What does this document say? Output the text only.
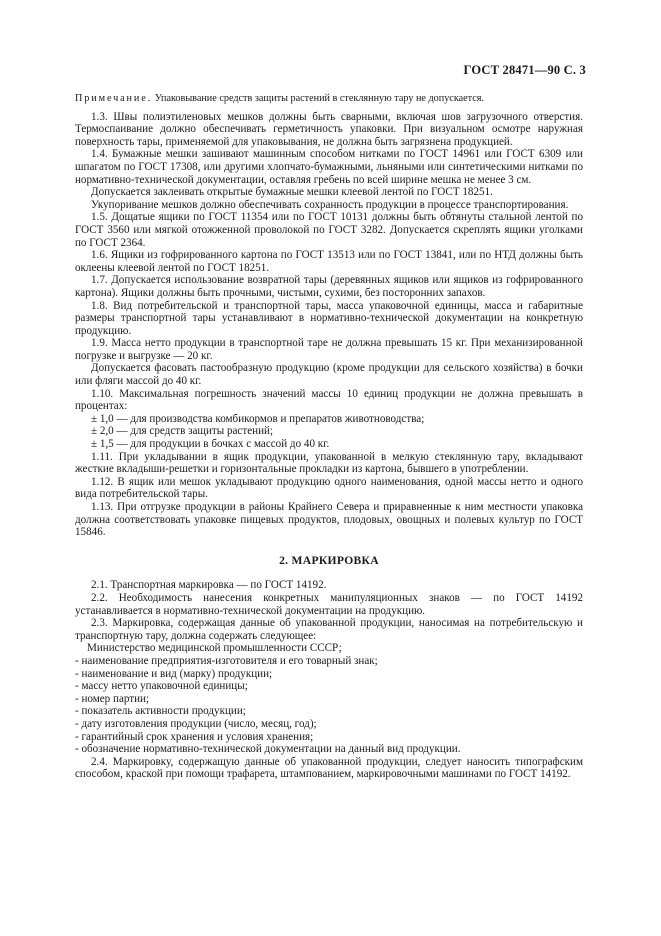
ГОСТ 28471—90 С. 3

Примечание. Упаковывание средств защиты растений в стеклянную тару не допускается.

1.3. Швы полиэтиленовых мешков должны быть сварными, включая шов загрузочного отверстия. Термоспаивание должно обеспечивать герметичность упаковки. При визуальном осмотре наружная поверхность тары, применяемой для упаковывания, не должна быть загрязнена продукцией.

1.4. Бумажные мешки зашивают машинным способом нитками по ГОСТ 14961 или ГОСТ 6309 или шпагатом по ГОСТ 17308, или другими хлопчато-бумажными, льняными или синтетическими нитками по нормативно-технической документации, оставляя гребень по всей ширине мешка не менее 3 см.

Допускается заклеивать открытые бумажные мешки клеевой лентой по ГОСТ 18251.

Укупоривание мешков должно обеспечивать сохранность продукции в процессе транспортирования.

1.5. Дощатые ящики по ГОСТ 11354 или по ГОСТ 10131 должны быть обтянуты стальной лентой по ГОСТ 3560 или мягкой отожженной проволокой по ГОСТ 3282. Допускается скреплять ящики уголками по ГОСТ 2364.

1.6. Ящики из гофрированного картона по ГОСТ 13513 или по ГОСТ 13841, или по НТД должны быть оклеены клеевой лентой по ГОСТ 18251.

1.7. Допускается использование возвратной тары (деревянных ящиков или ящиков из гофрированного картона). Ящики должны быть прочными, чистыми, сухими, без посторонних запахов.

1.8. Вид потребительской и транспортной тары, масса упаковочной единицы, масса и габаритные размеры транспортной тары устанавливают в нормативно-технической документации на конкретную продукцию.

1.9. Масса нетто продукции в транспортной таре не должна превышать 15 кг. При механизированной погрузке и выгрузке — 20 кг.

Допускается фасовать пастообразную продукцию (кроме продукции для сельского хозяйства) в бочки или фляги массой до 40 кг.

1.10. Максимальная погрешность значений массы 10 единиц продукции не должна превышать в процентах:

± 1,0 — для производства комбикормов и препаратов животноводства;

± 2,0 — для средств защиты растений;

± 1,5 — для продукции в бочках с массой до 40 кг.

1.11. При укладывании в ящик продукции, упакованной в мелкую стеклянную тару, вкладывают жесткие вкладыши-решетки и горизонтальные прокладки из картона, бывшего в употреблении.

1.12. В ящик или мешок укладывают продукцию одного наименования, одной массы нетто и одного вида потребительской тары.

1.13. При отгрузке продукции в районы Крайнего Севера и приравненные к ним местности упаковка должна соответствовать упаковке пищевых продуктов, плодовых, овощных и полевых культур по ГОСТ 15846.

2. МАРКИРОВКА

2.1. Транспортная маркировка — по ГОСТ 14192.

2.2. Необходимость нанесения конкретных манипуляционных знаков — по ГОСТ 14192 устанавливается в нормативно-технической документации на продукцию.

2.3. Маркировка, содержащая данные об упакованной продукции, наносимая на потребительскую и транспортную тару, должна содержать следующее:

Министерство медицинской промышленности СССР;

- наименование предприятия-изготовителя и его товарный знак;

- наименование и вид (марку) продукции;

- массу нетто упаковочной единицы;

- номер партии;

- показатель активности продукции;

- дату изготовления продукции (число, месяц, год);

- гарантийный срок хранения и условия хранения;

- обозначение нормативно-технической документации на данный вид продукции.

2.4. Маркировку, содержащую данные об упакованной продукции, следует наносить типографским способом, краской при помощи трафарета, штампованием, маркировочными машинами по ГОСТ 14192.
